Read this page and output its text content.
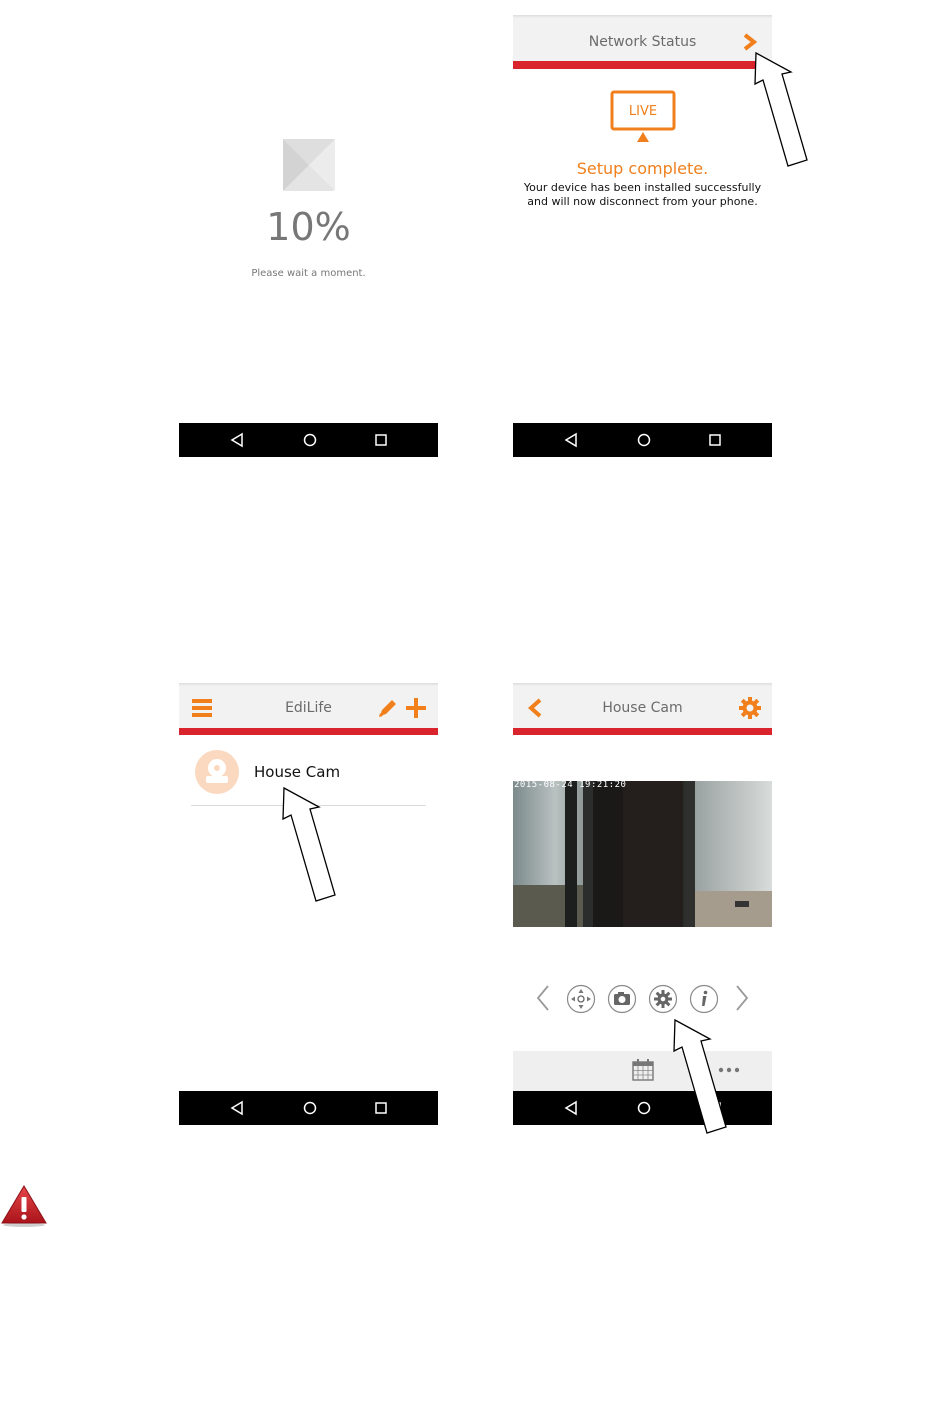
10%
Please wait a moment.
Network Status
LIVE
Setup complete.
Your device has been installed successfully
and will now disconnect from your phone.
EdiLife
House Cam
House Cam
2015-08-24 19:21:20
